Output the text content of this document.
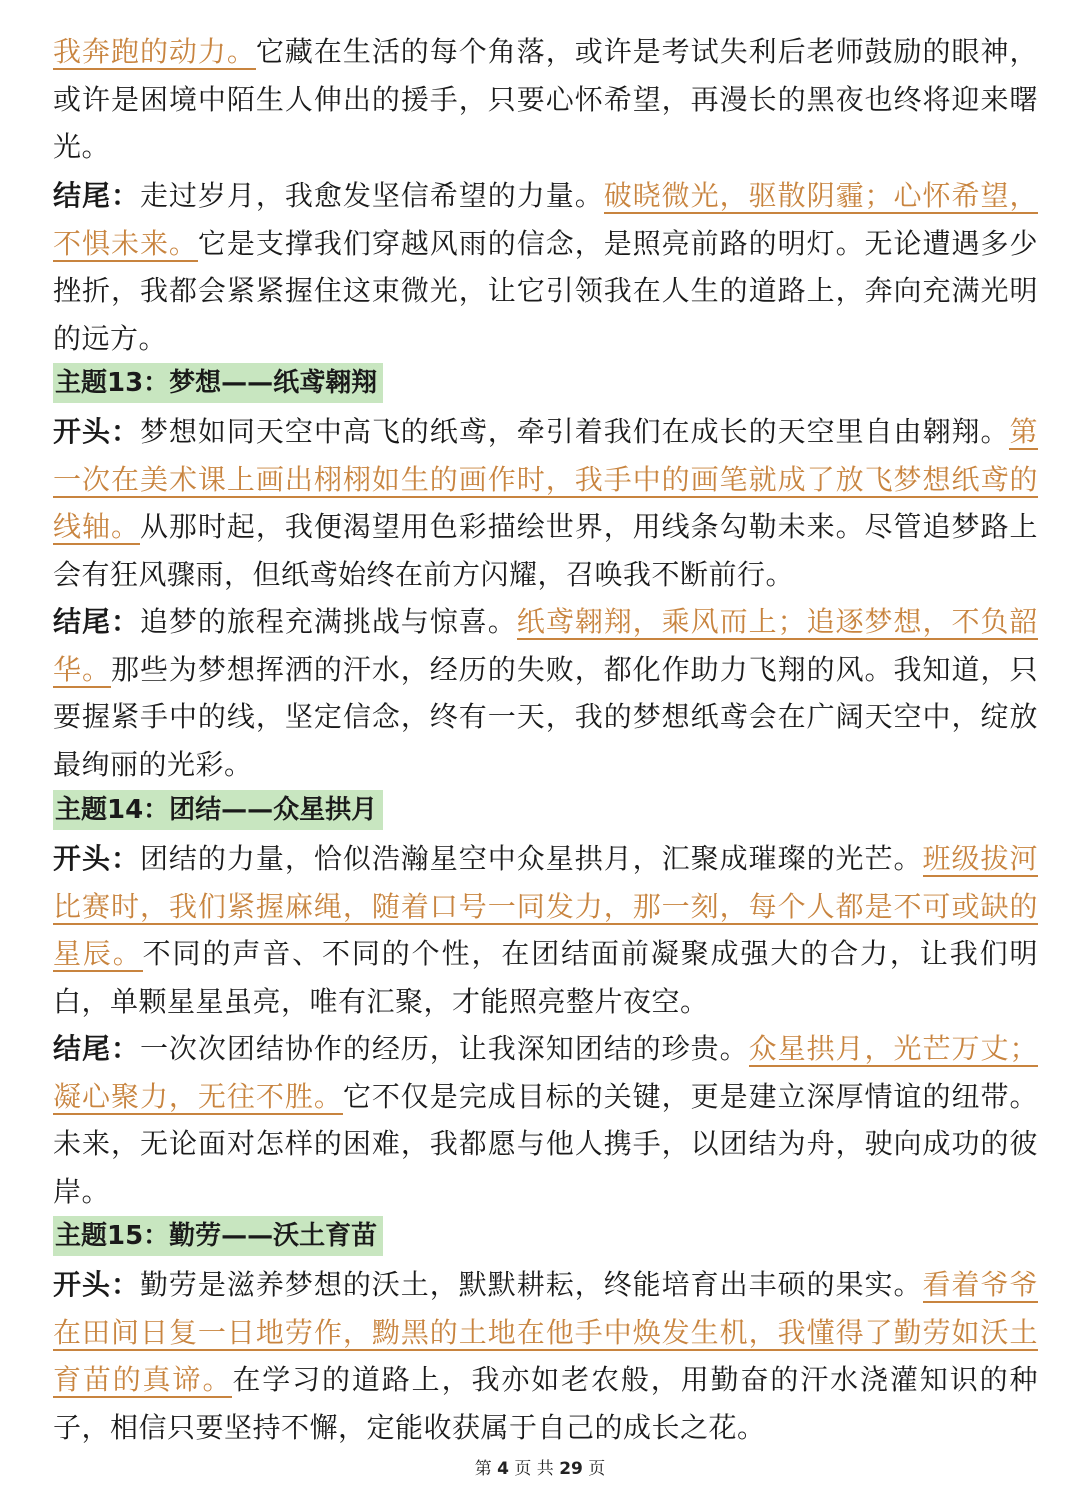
我奔跑的动力。它藏在生活的每个角落，或许是考试失利后老师鼓励的眼神，或许是困境中陌生人伸出的援手，只要心怀希望，再漫长的黑夜也终将迎来曙光。

结尾：走过岁月，我愈发坚信希望的力量。破晓微光，驱散阴霾；心怀希望，不惧未来。它是支撑我们穿越风雨的信念，是照亮前路的明灯。无论遭遇多少挫折，我都会紧紧握住这束微光，让它引领我在人生的道路上，奔向充满光明的远方。

主题13：梦想——纸鸢翱翔

开头：梦想如同天空中高飞的纸鸢，牵引着我们在成长的天空里自由翱翔。第一次在美术课上画出栩栩如生的画作时，我手中的画笔就成了放飞梦想纸鸢的线轴。从那时起，我便渴望用色彩描绘世界，用线条勾勒未来。尽管追梦路上会有狂风骤雨，但纸鸢始终在前方闪耀，召唤我不断前行。

结尾：追梦的旅程充满挑战与惊喜。纸鸢翱翔，乘风而上；追逐梦想，不负韶华。那些为梦想挥洒的汗水，经历的失败，都化作助力飞翔的风。我知道，只要握紧手中的线，坚定信念，终有一天，我的梦想纸鸢会在广阔天空中，绽放最绚丽的光彩。

主题14：团结——众星拱月

开头：团结的力量，恰似浩瀚星空中众星拱月，汇聚成璀璨的光芒。班级拔河比赛时，我们紧握麻绳，随着口号一同发力，那一刻，每个人都是不可或缺的星辰。不同的声音、不同的个性，在团结面前凝聚成强大的合力，让我们明白，单颗星星虽亮，唯有汇聚，才能照亮整片夜空。

结尾：一次次团结协作的经历，让我深知团结的珍贵。众星拱月，光芒万丈；凝心聚力，无往不胜。它不仅是完成目标的关键，更是建立深厚情谊的纽带。未来，无论面对怎样的困难，我都愿与他人携手，以团结为舟，驶向成功的彼岸。

主题15：勤劳——沃土育苗

开头：勤劳是滋养梦想的沃土，默默耕耘，终能培育出丰硕的果实。看着爷爷在田间日复一日地劳作，黝黑的土地在他手中焕发生机，我懂得了勤劳如沃土育苗的真谛。在学习的道路上，我亦如老农般，用勤奋的汗水浇灌知识的种子，相信只要坚持不懈，定能收获属于自己的成长之花。

第 4 页 共 29 页
